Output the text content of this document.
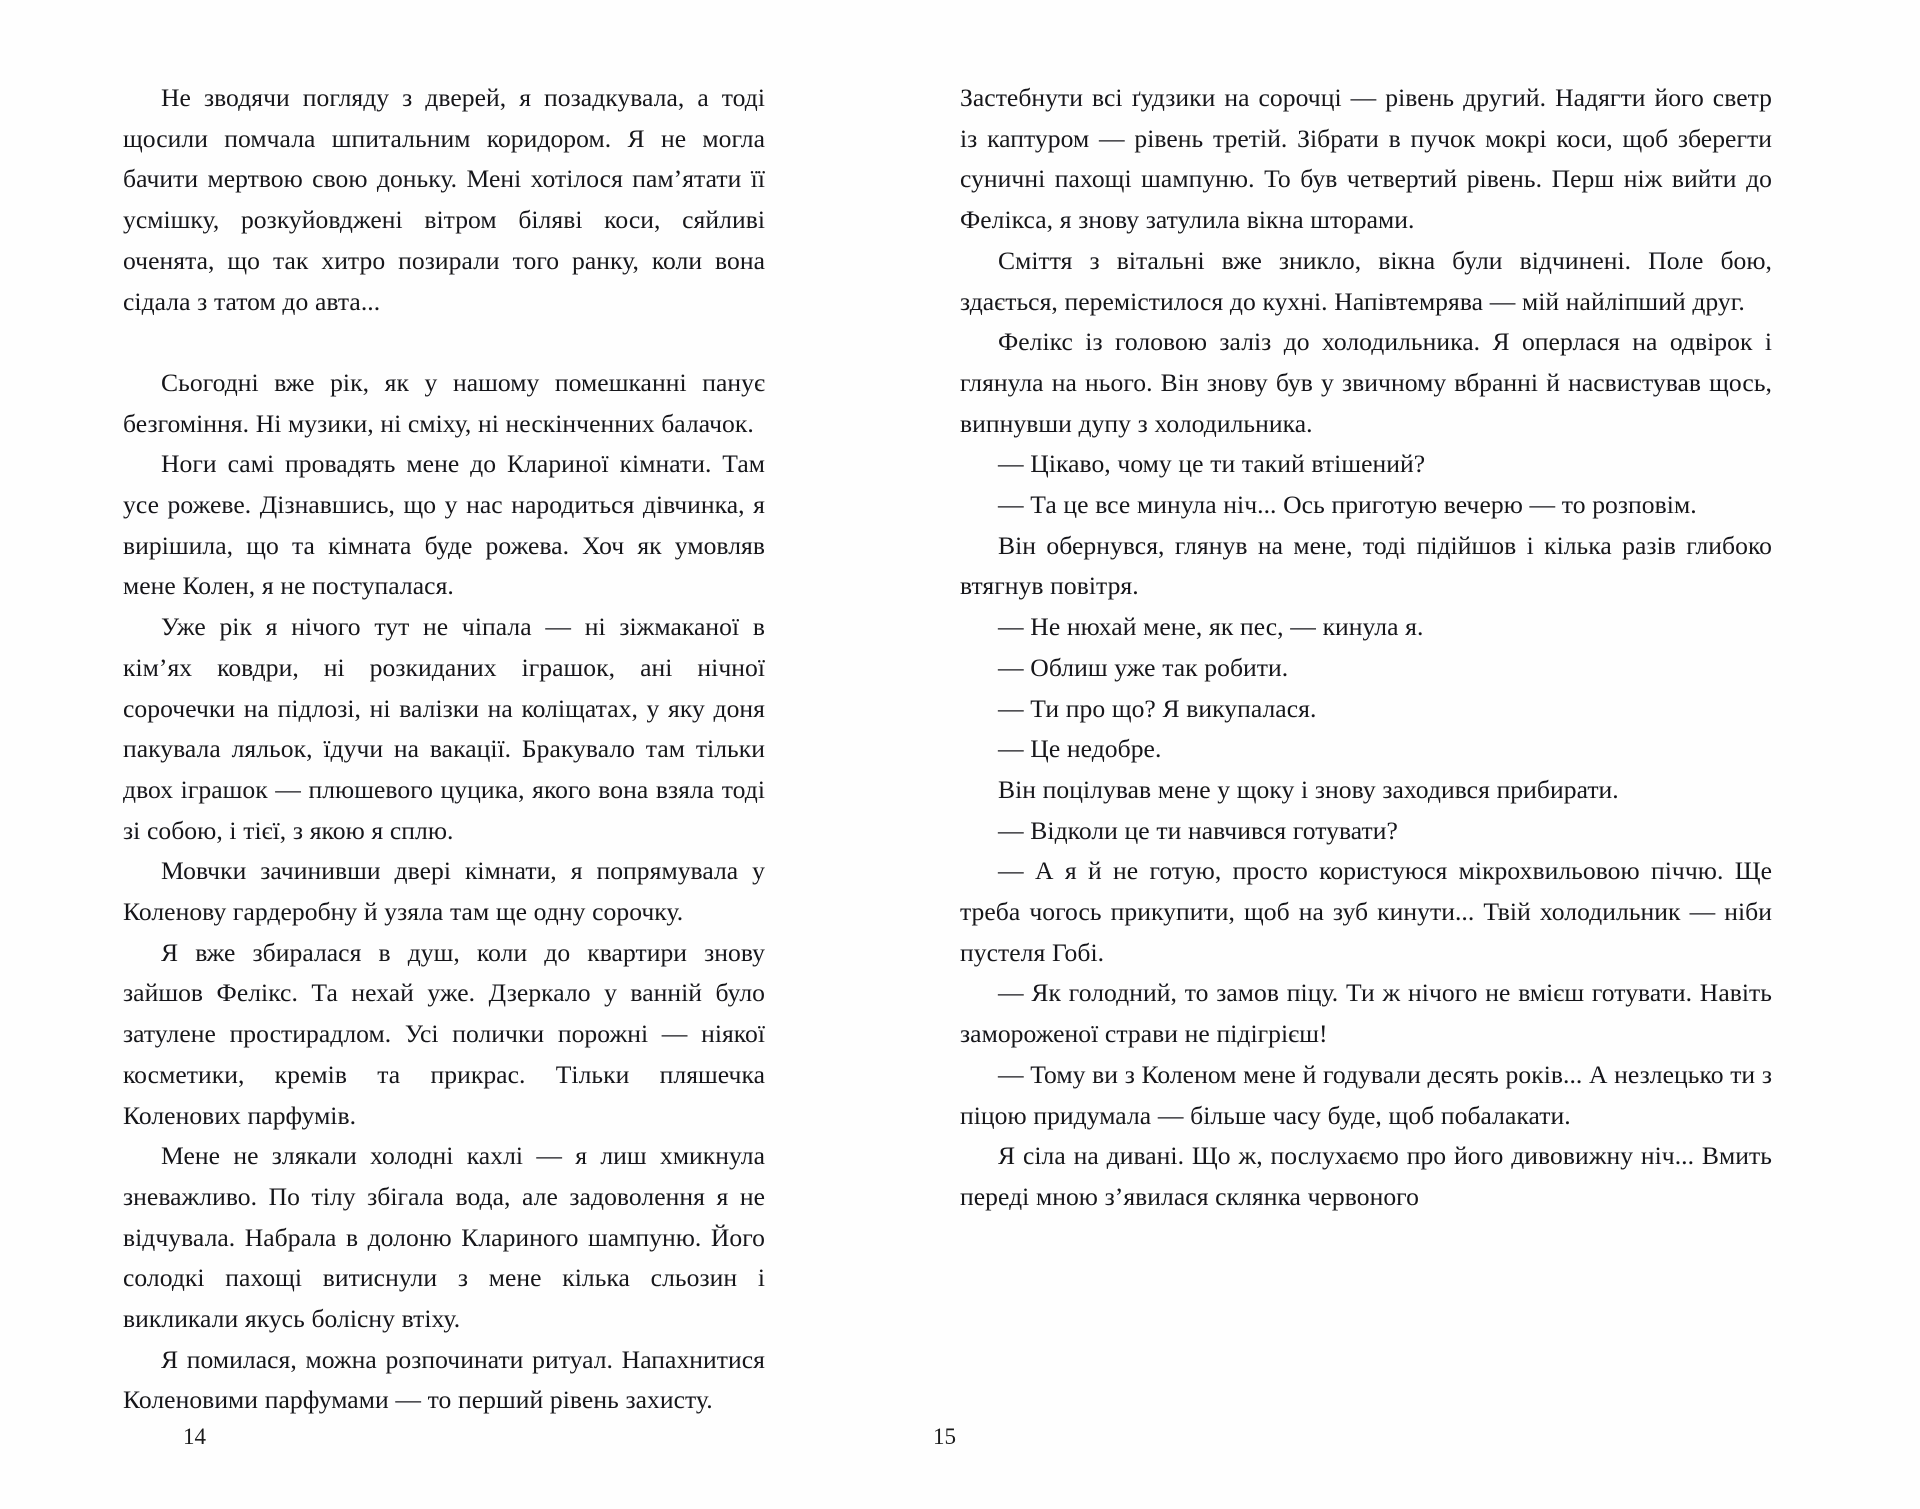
Не зводячи погляду з дверей, я позадкувала, а тоді щосили помчала шпитальним коридором. Я не могла бачити мертвою свою доньку. Мені хотілося пам’ятати її усмішку, розкуйовджені вітром біляві коси, сяйливі оченята, що так хитро позирали того ранку, коли вона сідала з татом до авта...

Сьогодні вже рік, як у нашому помешканні панує безгоміння. Ні музики, ні сміху, ні нескінченних балачок.

Ноги самі провадять мене до Клариної кімнати. Там усе рожеве. Дізнавшись, що у нас народиться дівчинка, я вирішила, що та кімната буде рожева. Хоч як умовляв мене Колен, я не поступалася.

Уже рік я нічого тут не чіпала — ні зіжмаканої в кім’ях ковдри, ні розкиданих іграшок, ані нічної сорочечки на підлозі, ні валізки на коліщатах, у яку доня пакувала ляльок, їдучи на вакації. Бракувало там тільки двох іграшок — плюшевого цуцика, якого вона взяла тоді зі собою, і тієї, з якою я сплю.

Мовчки зачинивши двері кімнати, я попрямувала у Коленову гардеробну й узяла там ще одну сорочку.

Я вже збиралася в душ, коли до квартири знову зайшов Фелікс. Та нехай уже. Дзеркало у ванній було затулене простирадлом. Усі полички порожні — ніякої косметики, кремів та прикрас. Тільки пляшечка Коленових парфумів.

Мене не злякали холодні кахлі — я лиш хмикнула зневажливо. По тілу збігала вода, але задоволення я не відчувала. Набрала в долоню Клариного шампуню. Його солодкі пахощі витиснули з мене кілька сльозин і викликали якусь болісну втіху.

Я помилася, можна розпочинати ритуал. Напахнитися Коленовими парфумами — то перший рівень захисту.

Застебнути всі ґудзики на сорочці — рівень другий. Надягти його светр із каптуром — рівень третій. Зібрати в пучок мокрі коси, щоб зберегти суничні пахощі шампуню. То був четвертий рівень. Перш ніж вийти до Фелікса, я знову затулила вікна шторами.

Сміття з вітальні вже зникло, вікна були відчинені. Поле бою, здається, перемістилося до кухні. Напівтемрява — мій найліпший друг.

Фелікс із головою заліз до холодильника. Я оперлася на одвірок і глянула на нього. Він знову був у звичному вбранні й насвистував щось, випнувши дупу з холодильника.

— Цікаво, чому це ти такий втішений?

— Та це все минула ніч... Ось приготую вечерю — то розповім.

Він обернувся, глянув на мене, тоді підійшов і кілька разів глибоко втягнув повітря.

— Не нюхай мене, як пес, — кинула я.

— Облиш уже так робити.

— Ти про що? Я викупалася.

— Це недобре.

Він поцілував мене у щоку і знову заходився прибирати.

— Відколи це ти навчився готувати?

— А я й не готую, просто користуюся мікрохвильовою піччю. Ще треба чогось прикупити, щоб на зуб кинути... Твій холодильник — ніби пустеля Гобі.

— Як голодний, то замов піцу. Ти ж нічого не вмієш готувати. Навіть замороженої страви не підігрієш!

— Тому ви з Коленом мене й годували десять років... А незлецько ти з піцою придумала — більше часу буде, щоб побалакати.

Я сіла на дивані. Що ж, послухаємо про його дивовижну ніч... Вмить переді мною з’явилася склянка червоного

14	15
